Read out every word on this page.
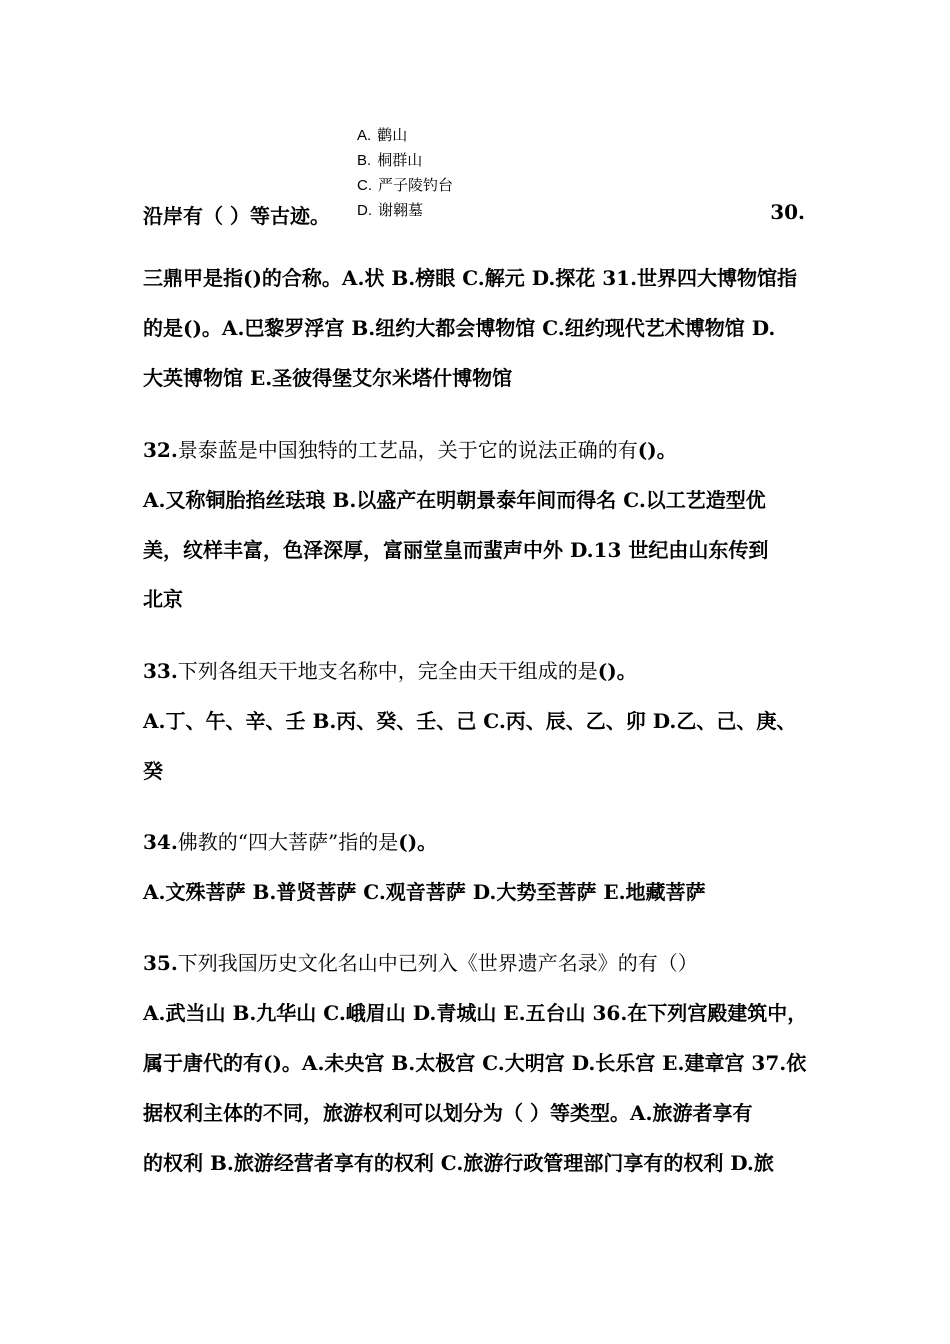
A. 鹳山
B. 桐群山
C. 严子陵钓台
D. 谢翱墓
沿岸有（ ）等古迹。	30.
三鼎甲是指()的合称。A.状 B.榜眼 C.解元 D.探花 31.世界四大博物馆指
的是()。A.巴黎罗浮宫 B.纽约大都会博物馆 C.纽约现代艺术博物馆 D.
大英博物馆 E.圣彼得堡艾尔米塔什博物馆
32.景泰蓝是中国独特的工艺品，关于它的说法正确的有()。
A.又称铜胎掐丝珐琅 B.以盛产在明朝景泰年间而得名 C.以工艺造型优
美，纹样丰富，色泽深厚，富丽堂皇而蜚声中外 D.13 世纪由山东传到
北京
33.下列各组天干地支名称中，完全由天干组成的是()。
A.丁、午、辛、壬 B.丙、癸、壬、己 C.丙、辰、乙、卯 D.乙、己、庚、
癸
34.佛教的“四大菩萨”指的是()。
A.文殊菩萨 B.普贤菩萨 C.观音菩萨 D.大势至菩萨 E.地藏菩萨
35.下列我国历史文化名山中已列入《世界遗产名录》的有（）
A.武当山 B.九华山 C.峨眉山 D.青城山 E.五台山 36.在下列宫殿建筑中，
属于唐代的有()。A.未央宫 B.太极宫 C.大明宫 D.长乐宫 E.建章宫 37.依
据权利主体的不同，旅游权利可以划分为（ ）等类型。A.旅游者享有
的权利 B.旅游经营者享有的权利 C.旅游行政管理部门享有的权利 D.旅
